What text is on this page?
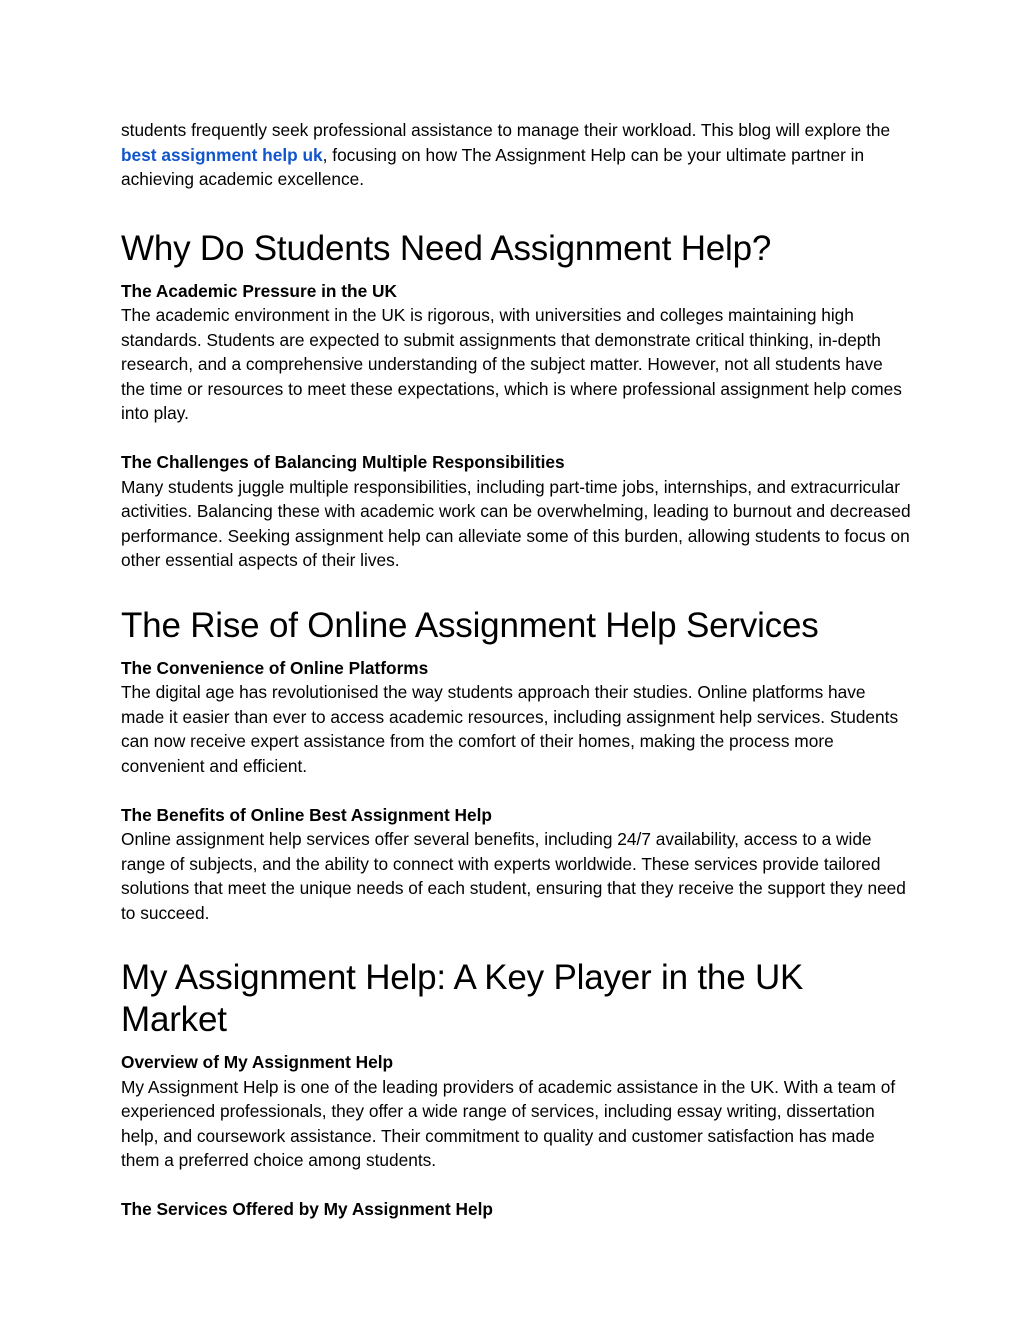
students frequently seek professional assistance to manage their workload. This blog will explore the best assignment help uk, focusing on how The Assignment Help can be your ultimate partner in achieving academic excellence.

Why Do Students Need Assignment Help?
The Academic Pressure in the UK

The academic environment in the UK is rigorous, with universities and colleges maintaining high standards. Students are expected to submit assignments that demonstrate critical thinking, in-depth research, and a comprehensive understanding of the subject matter. However, not all students have the time or resources to meet these expectations, which is where professional assignment help comes into play.

The Challenges of Balancing Multiple Responsibilities

Many students juggle multiple responsibilities, including part-time jobs, internships, and extracurricular activities. Balancing these with academic work can be overwhelming, leading to burnout and decreased performance. Seeking assignment help can alleviate some of this burden, allowing students to focus on other essential aspects of their lives.

The Rise of Online Assignment Help Services
The Convenience of Online Platforms

The digital age has revolutionised the way students approach their studies. Online platforms have made it easier than ever to access academic resources, including assignment help services. Students can now receive expert assistance from the comfort of their homes, making the process more convenient and efficient.

The Benefits of Online Best Assignment Help

Online assignment help services offer several benefits, including 24/7 availability, access to a wide range of subjects, and the ability to connect with experts worldwide. These services provide tailored solutions that meet the unique needs of each student, ensuring that they receive the support they need to succeed.

My Assignment Help: A Key Player in the UK Market
Overview of My Assignment Help

My Assignment Help is one of the leading providers of academic assistance in the UK. With a team of experienced professionals, they offer a wide range of services, including essay writing, dissertation help, and coursework assistance. Their commitment to quality and customer satisfaction has made them a preferred choice among students.

The Services Offered by My Assignment Help
